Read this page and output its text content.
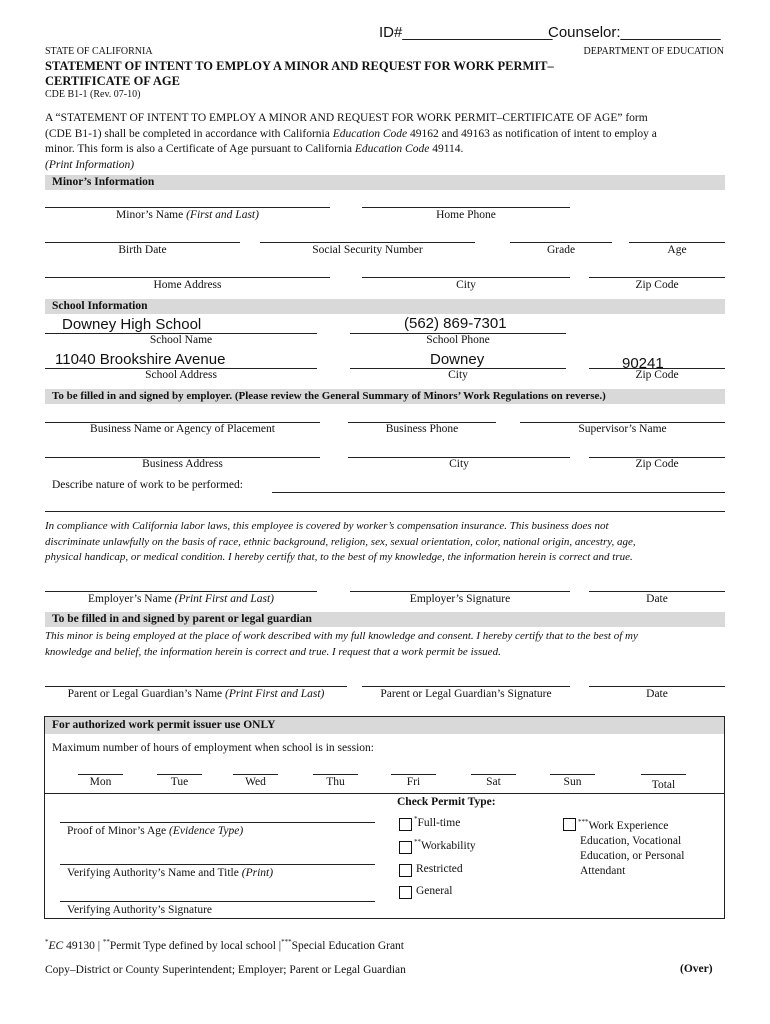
ID#__________________
Counselor:____________
STATE OF CALIFORNIA	DEPARTMENT OF EDUCATION
STATEMENT OF INTENT TO EMPLOY A MINOR AND REQUEST FOR WORK PERMIT–
CERTIFICATE OF AGE
CDE B1-1 (Rev. 07-10)
A “STATEMENT OF INTENT TO EMPLOY A MINOR AND REQUEST FOR WORK PERMIT–CERTIFICATE OF AGE” form
(CDE B1-1) shall be completed in accordance with California Education Code 49162 and 49163 as notification of intent to employ a
minor. This form is also a Certificate of Age pursuant to California Education Code 49114.
(Print Information)
Minor’s Information
Minor’s Name (First and Last)	Home Phone
Birth Date	Social Security Number	Grade	Age
Home Address	City	Zip Code
School Information
Downey High School	(562) 869-7301
School Name	School Phone
11040 Brookshire Avenue	Downey	90241
School Address	City	Zip Code
To be filled in and signed by employer. (Please review the General Summary of Minors’ Work Regulations on reverse.)
Business Name or Agency of Placement	Business Phone	Supervisor’s Name
Business Address	City	Zip Code
Describe nature of work to be performed:
In compliance with California labor laws, this employee is covered by worker’s compensation insurance. This business does not
discriminate unlawfully on the basis of race, ethnic background, religion, sex, sexual orientation, color, national origin, ancestry, age,
physical handicap, or medical condition. I hereby certify that, to the best of my knowledge, the information herein is correct and true.
Employer’s Name (Print First and Last)	Employer’s Signature	Date
To be filled in and signed by parent or legal guardian
This minor is being employed at the place of work described with my full knowledge and consent. I hereby certify that to the best of my
knowledge and belief, the information herein is correct and true. I request that a work permit be issued.
Parent or Legal Guardian’s Name (Print First and Last)	Parent or Legal Guardian’s Signature	Date
For authorized work permit issuer use ONLY
Maximum number of hours of employment when school is in session:
Mon	Tue	Wed	Thu	Fri	Sat	Sun	Total
Check Permit Type:
Proof of Minor’s Age (Evidence Type)
Verifying Authority’s Name and Title (Print)
Verifying Authority’s Signature
*Full-time
**Workability
Restricted
General
***Work Experience
Education, Vocational
Education, or Personal
Attendant
*EC 49130 | **Permit Type defined by local school |***Special Education Grant
Copy–District or County Superintendent; Employer; Parent or Legal Guardian	(Over)
